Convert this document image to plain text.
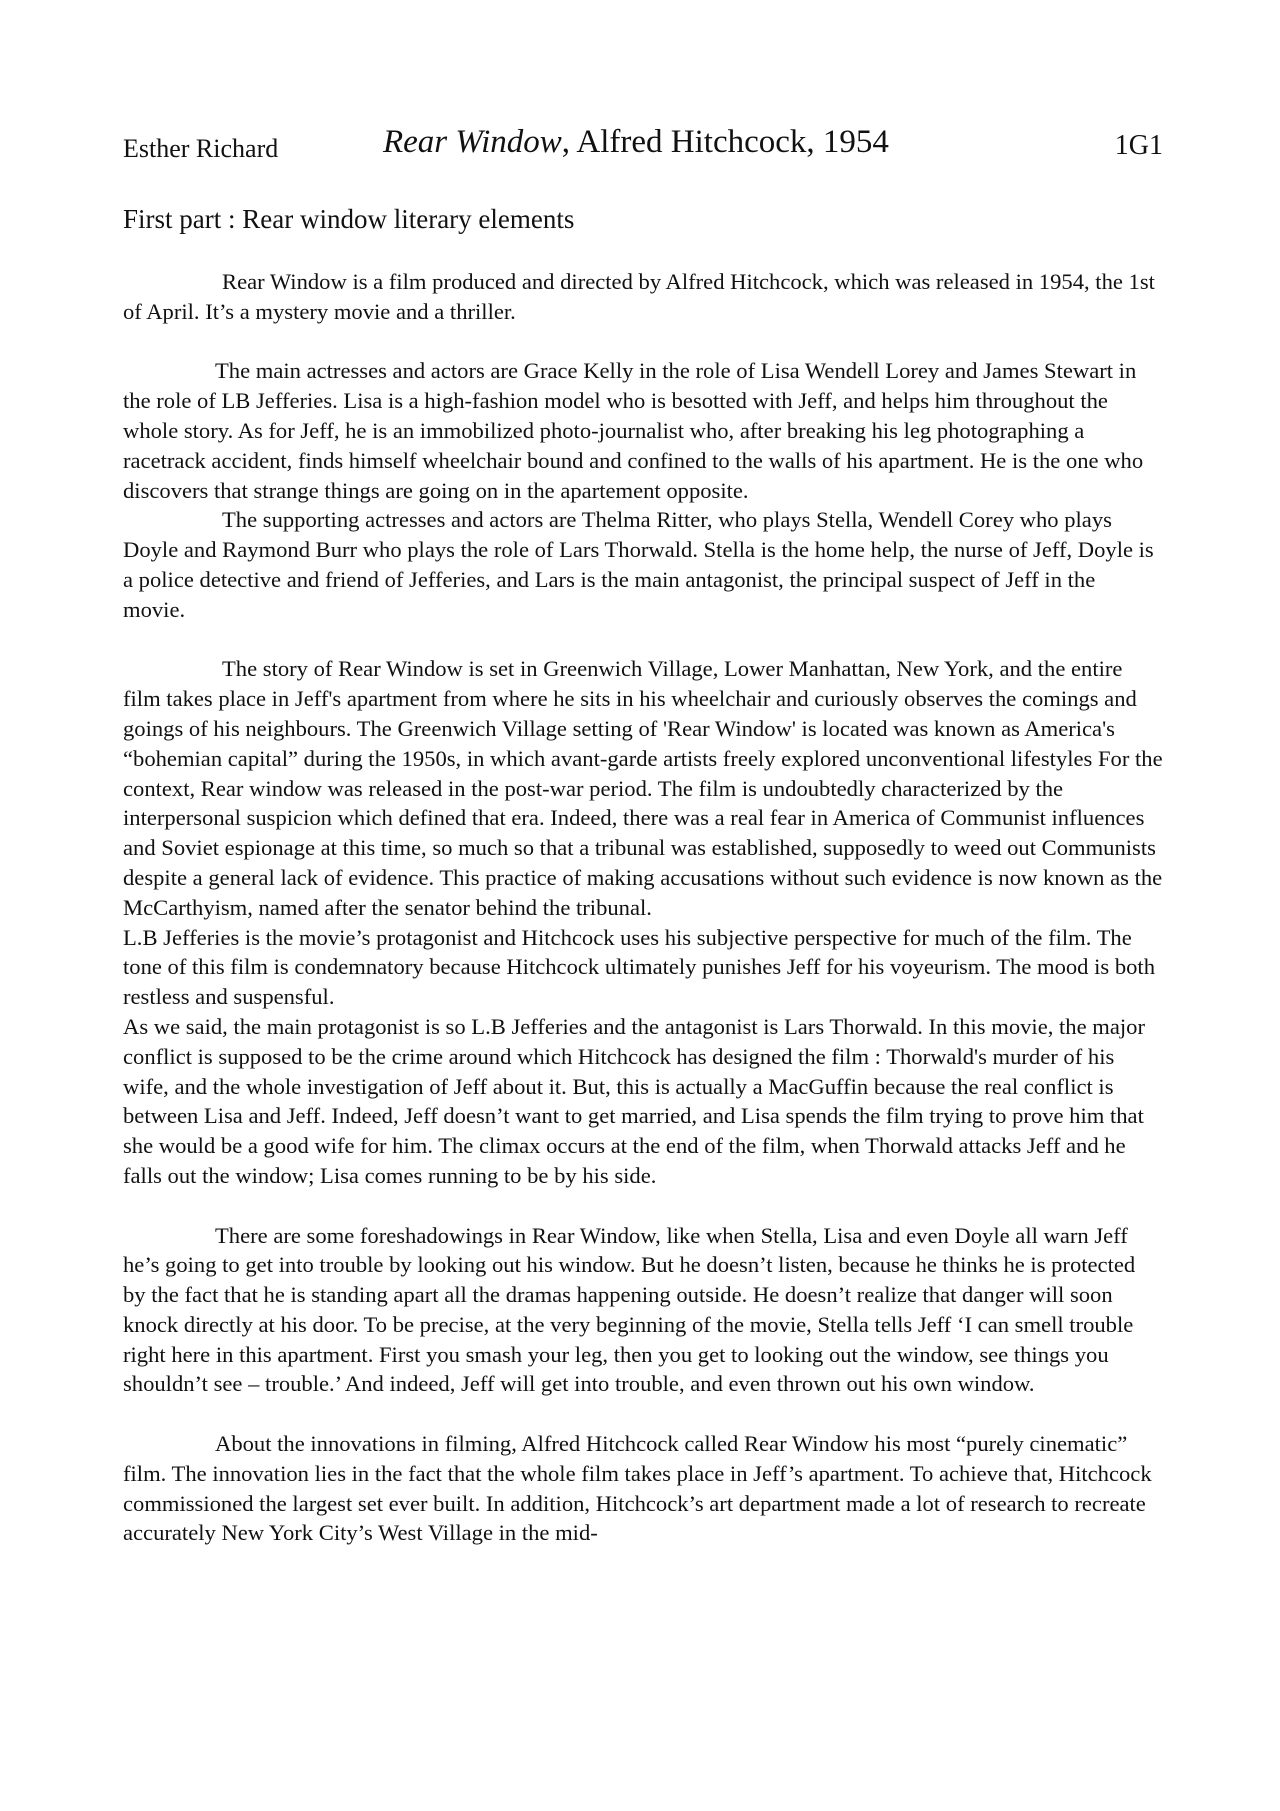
Esther Richard	Rear Window, Alfred Hitchcock, 1954	1G1
First part : Rear window literary elements

Rear Window is a film produced and directed by Alfred Hitchcock, which was released in 1954, the 1st of April. It’s a mystery movie and a thriller.

The main actresses and actors are Grace Kelly in the role of Lisa Wendell Lorey and James Stewart in the role of LB Jefferies. Lisa is a high-fashion model who is besotted with Jeff, and helps him throughout the whole story. As for Jeff, he is an immobilized photo-journalist who, after breaking his leg photographing a racetrack accident, finds himself wheelchair bound and confined to the walls of his apartment. He is the one who discovers that strange things are going on in the apartement opposite.

The supporting actresses and actors are Thelma Ritter, who plays Stella, Wendell Corey who plays Doyle and Raymond Burr who plays the role of Lars Thorwald. Stella is the home help, the nurse of Jeff, Doyle is a police detective and friend of Jefferies, and Lars is the main antagonist, the principal suspect of Jeff in the movie.

The story of Rear Window is set in Greenwich Village, Lower Manhattan, New York, and the entire film takes place in Jeff's apartment from where he sits in his wheelchair and curiously observes the comings and goings of his neighbours. The Greenwich Village setting of 'Rear Window' is located was known as America's “bohemian capital” during the 1950s, in which avant-garde artists freely explored unconventional lifestyles For the context, Rear window was released in the post-war period. The film is undoubtedly characterized by the interpersonal suspicion which defined that era. Indeed, there was a real fear in America of Communist influences and Soviet espionage at this time, so much so that a tribunal was established, supposedly to weed out Communists despite a general lack of evidence. This practice of making accusations without such evidence is now known as the McCarthyism, named after the senator behind the tribunal.

L.B Jefferies is the movie’s protagonist and Hitchcock uses his subjective perspective for much of the film. The tone of this film is condemnatory because Hitchcock ultimately punishes Jeff for his voyeurism. The mood is both restless and suspensful.

As we said, the main protagonist is so L.B Jefferies and the antagonist is Lars Thorwald. In this movie, the major conflict is supposed to be the crime around which Hitchcock has designed the film : Thorwald's murder of his wife, and the whole investigation of Jeff about it. But, this is actually a MacGuffin because the real conflict is between Lisa and Jeff. Indeed, Jeff doesn’t want to get married, and Lisa spends the film trying to prove him that she would be a good wife for him. The climax occurs at the end of the film, when Thorwald attacks Jeff and he falls out the window; Lisa comes running to be by his side.

There are some foreshadowings in Rear Window, like when Stella, Lisa and even Doyle all warn Jeff he’s going to get into trouble by looking out his window. But he doesn’t listen, because he thinks he is protected by the fact that he is standing apart all the dramas happening outside. He doesn’t realize that danger will soon knock directly at his door. To be precise, at the very beginning of the movie, Stella tells Jeff ‘I can smell trouble right here in this apartment. First you smash your leg, then you get to looking out the window, see things you shouldn’t see – trouble.’ And indeed, Jeff will get into trouble, and even thrown out his own window.

About the innovations in filming, Alfred Hitchcock called Rear Window his most “purely cinematic” film. The innovation lies in the fact that the whole film takes place in Jeff’s apartment. To achieve that, Hitchcock commissioned the largest set ever built. In addition, Hitchcock’s art department made a lot of research to recreate accurately New York City’s West Village in the mid-
